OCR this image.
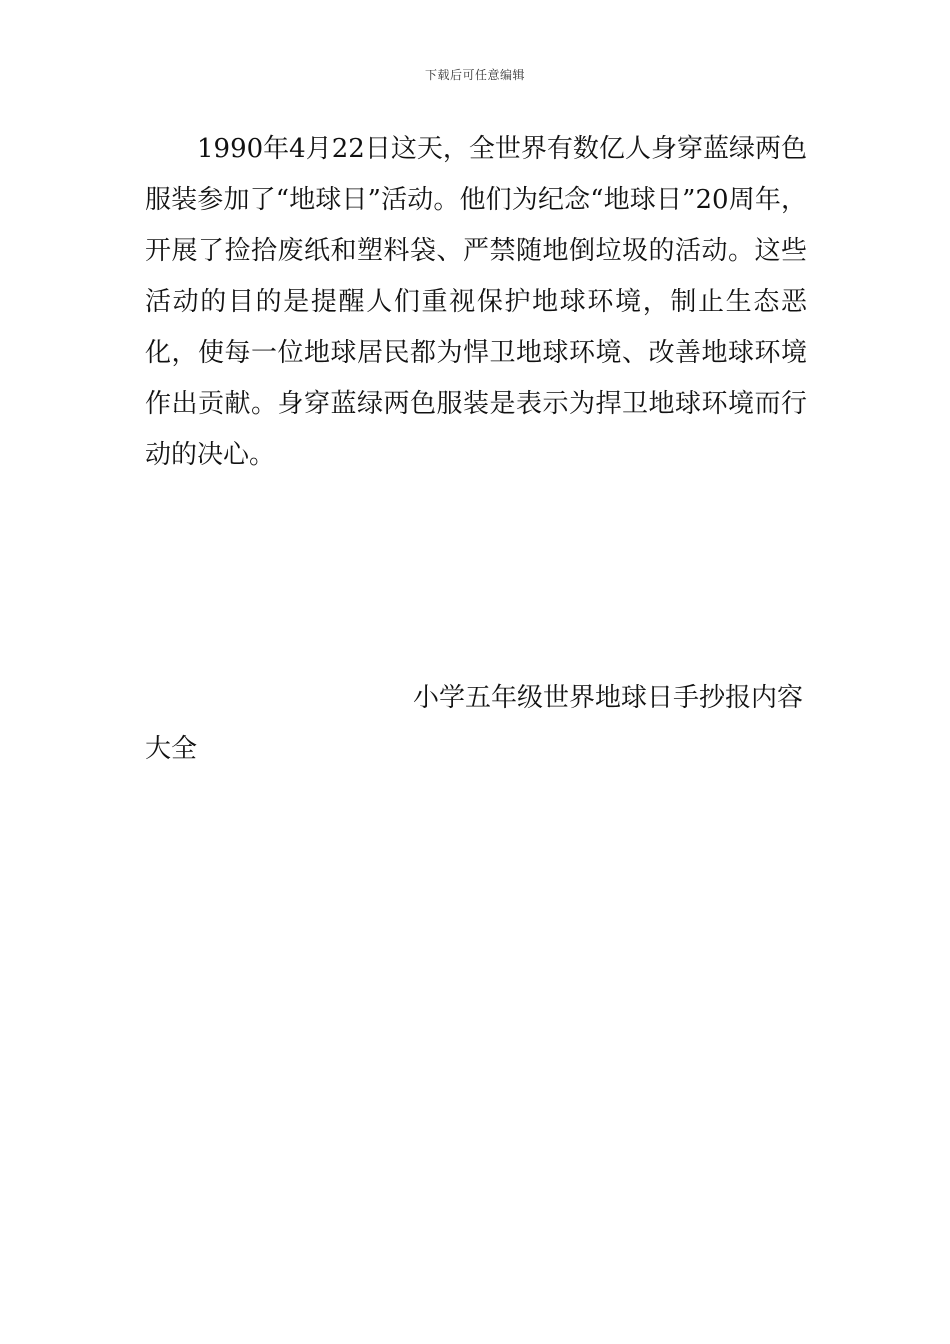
下载后可任意编辑

1990年4月22日这天，全世界有数亿人身穿蓝绿两色服装参加了“地球日”活动。他们为纪念“地球日”20周年，开展了捡拾废纸和塑料袋、严禁随地倒垃圾的活动。这些活动的目的是提醒人们重视保护地球环境，制止生态恶化，使每一位地球居民都为悍卫地球环境、改善地球环境作出贡献。身穿蓝绿两色服装是表示为捍卫地球环境而行动的决心。

小学五年级世界地球日手抄报内容大全
